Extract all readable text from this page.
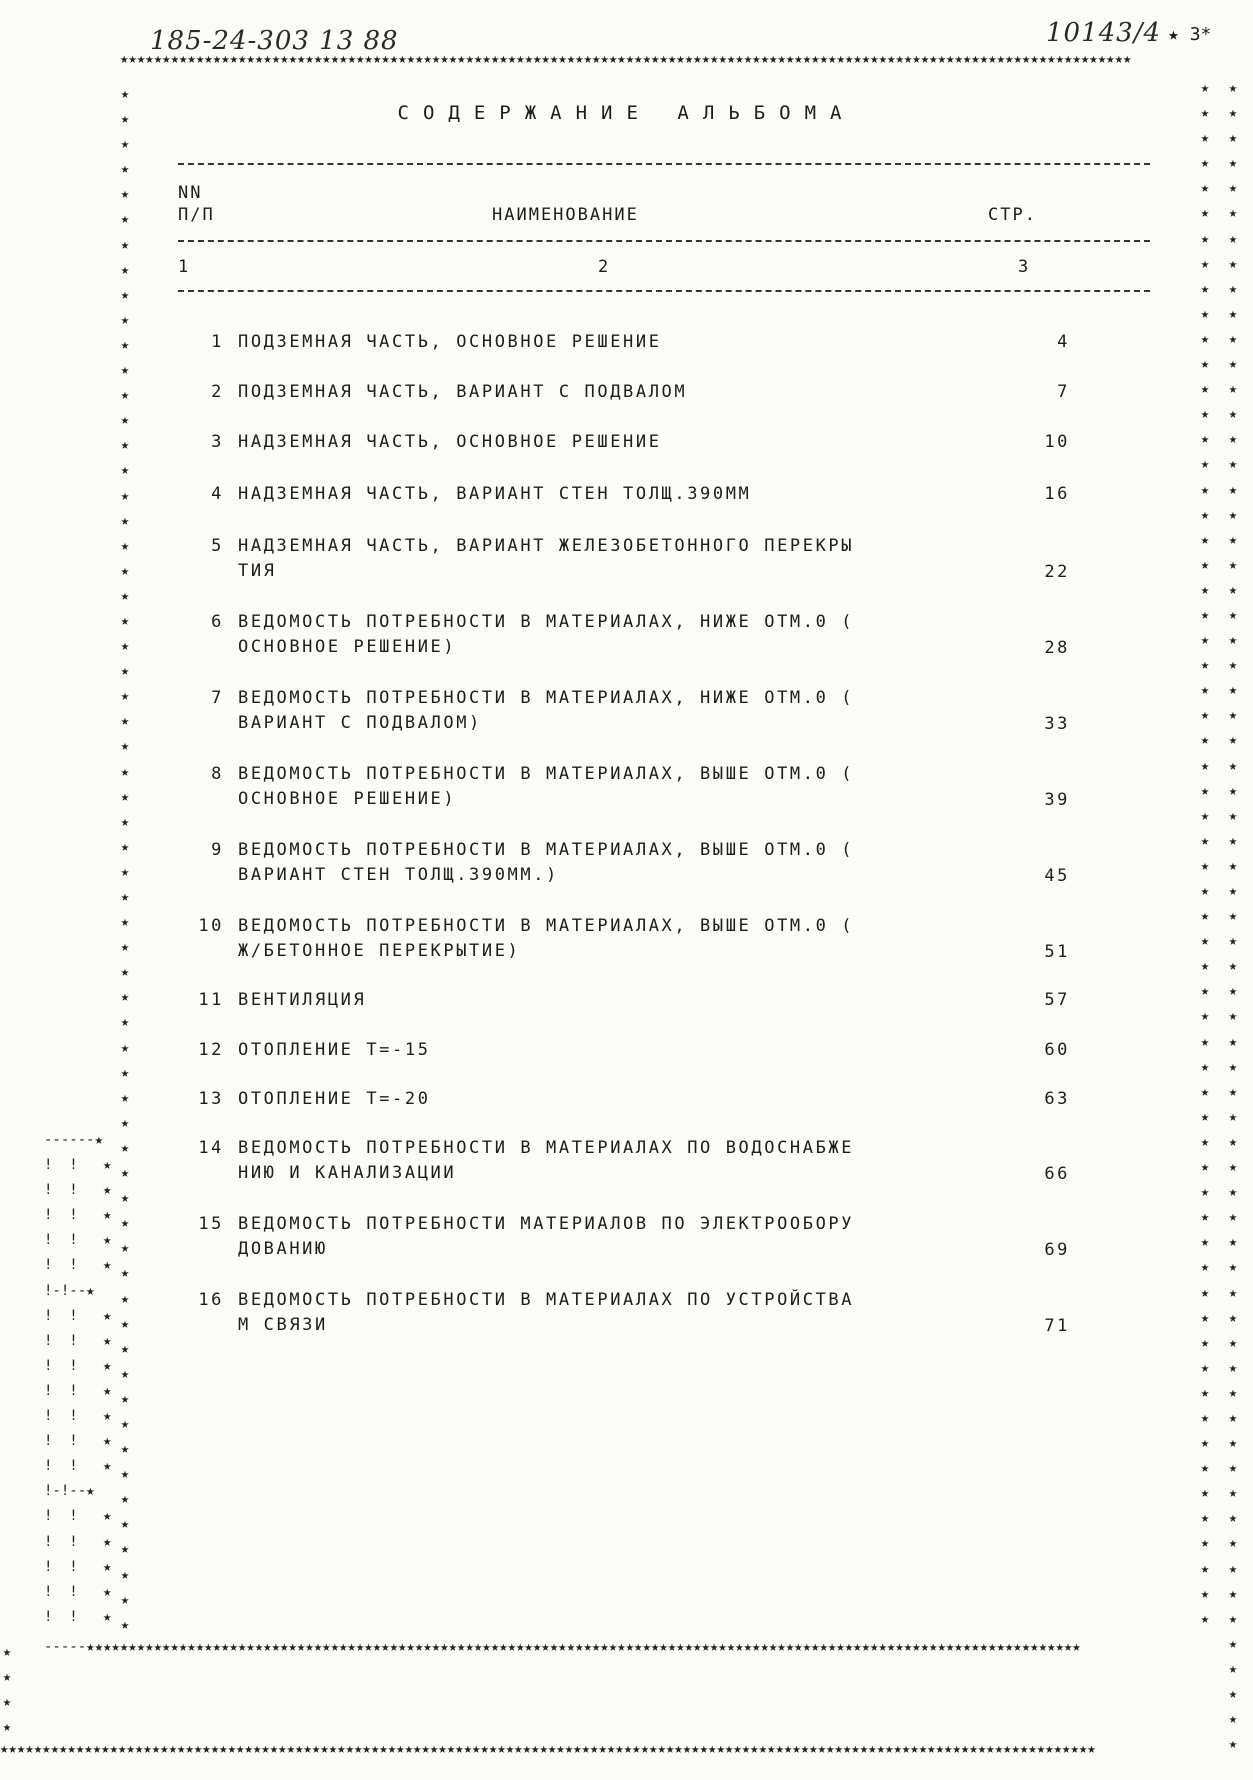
185-24-303 13 88	10143/4 ★ 3*
★★★★★★★★★★★★★★★★★★★★★★★★★★★★★★★★★★★★★★★★★★★★★★★★★★★★★★★★★★★★★★★★★★★★★★★★★★★★★★★★★★★★★★★★★★★★★★★★★★★★★★★★★★★★★★★★★★★★★★★★
-----★★★★★★★★★★★★★★★★★★★★★★★★★★★★★★★★★★★★★★★★★★★★★★★★★★★★★★★★★★★★★★★★★★★★★★★★★★★★★★★★★★★★★★★★★★★★★★★★★★★★★★★★★★★★★★★★★★★★★★
★★★★★★★★★★★★★★★★★★★★★★★★★★★★★★★★★★★★★★★★★★★★★★★★★★★★★★★★★★★★★★★★★★★★★★★★★★★★★★★★★★★★★★★★★★★★★★★★★★★★★★★★★★★★★★★★★★★★★★★★★★★★★★★★★★
★
★
★
★
★
★
★
★
★
★
★
★
★
★
★
★
★
★
★
★
★
★
★
★
★
★
★
★
★
★
★
★
★
★
★
★
★
★
★
★
★
★
★
★
★
★
★
★
★
★
★
★
★
★
★
★
★
★
★
★
★
★
★
★
★
★
★
★
★
★
★
★
★
★
★
★
★
★
★
★
★
★
★
★
★
★
★
★
★
★
★
★
★
★
★
★
★
★
★
★
★
★
★
★
★
★
★
★
★
★
★
★
★
★
★
★
★
★
★
★
★
★
★
★
★
★
★
★
★
★
★
★
★
★
★
★
★
★
★
★
★
★
★
★
★
★
★
★
★
★
★
★
★
★
★
★
★
★
★
★
★
★
★
★
★
★
★
★
★
★
★
★
★
★
★
★
★
★
★
★
★
★
★
★
★
★
★
★
★
★
★
★
★
★
★
------★
!  !   ★
!  !   ★
!  !   ★
!  !   ★
!  !   ★
!-!--★
!  !   ★
!  !   ★
!  !   ★
!  !   ★
!  !   ★
!  !   ★
!  !   ★
!-!--★
!  !   ★
!  !   ★
!  !   ★
!  !   ★
!  !   ★
СОДЕРЖАНИЕ АЛЬБОМА
NN
П/П	НАИМЕНОВАНИЕ	СТР.
1	2	3
1 ПОДЗЕМНАЯ ЧАСТЬ, ОСНОВНОЕ РЕШЕНИЕ	4
2 ПОДЗЕМНАЯ ЧАСТЬ, ВАРИАНТ С ПОДВАЛОМ	7
3 НАДЗЕМНАЯ ЧАСТЬ, ОСНОВНОЕ РЕШЕНИЕ	10
4 НАДЗЕМНАЯ ЧАСТЬ, ВАРИАНТ СТЕН ТОЛЩ.390ММ	16
5 НАДЗЕМНАЯ ЧАСТЬ, ВАРИАНТ ЖЕЛЕЗОБЕТОННОГО ПЕРЕКРЫ
ТИЯ	22
6 ВЕДОМОСТЬ ПОТРЕБНОСТИ В МАТЕРИАЛАХ, НИЖЕ ОТМ.0 (
ОСНОВНОЕ РЕШЕНИЕ)	28
7 ВЕДОМОСТЬ ПОТРЕБНОСТИ В МАТЕРИАЛАХ, НИЖЕ ОТМ.0 (
ВАРИАНТ С ПОДВАЛОМ)	33
8 ВЕДОМОСТЬ ПОТРЕБНОСТИ В МАТЕРИАЛАХ, ВЫШЕ ОТМ.0 (
ОСНОВНОЕ РЕШЕНИЕ)	39
9 ВЕДОМОСТЬ ПОТРЕБНОСТИ В МАТЕРИАЛАХ, ВЫШЕ ОТМ.0 (
ВАРИАНТ СТЕН ТОЛЩ.390ММ.)	45
10 ВЕДОМОСТЬ ПОТРЕБНОСТИ В МАТЕРИАЛАХ, ВЫШЕ ОТМ.0 (
Ж/БЕТОННОЕ ПЕРЕКРЫТИЕ)	51
11 ВЕНТИЛЯЦИЯ	57
12 ОТОПЛЕНИЕ Т=-15	60
13 ОТОПЛЕНИЕ Т=-20	63
14 ВЕДОМОСТЬ ПОТРЕБНОСТИ В МАТЕРИАЛАХ ПО ВОДОСНАБЖЕ
НИЮ И КАНАЛИЗАЦИИ	66
15 ВЕДОМОСТЬ ПОТРЕБНОСТИ МАТЕРИАЛОВ ПО ЭЛЕКТРООБОРУ
ДОВАНИЮ	69
16 ВЕДОМОСТЬ ПОТРЕБНОСТИ В МАТЕРИАЛАХ ПО УСТРОЙСТВА
М СВЯЗИ	71
